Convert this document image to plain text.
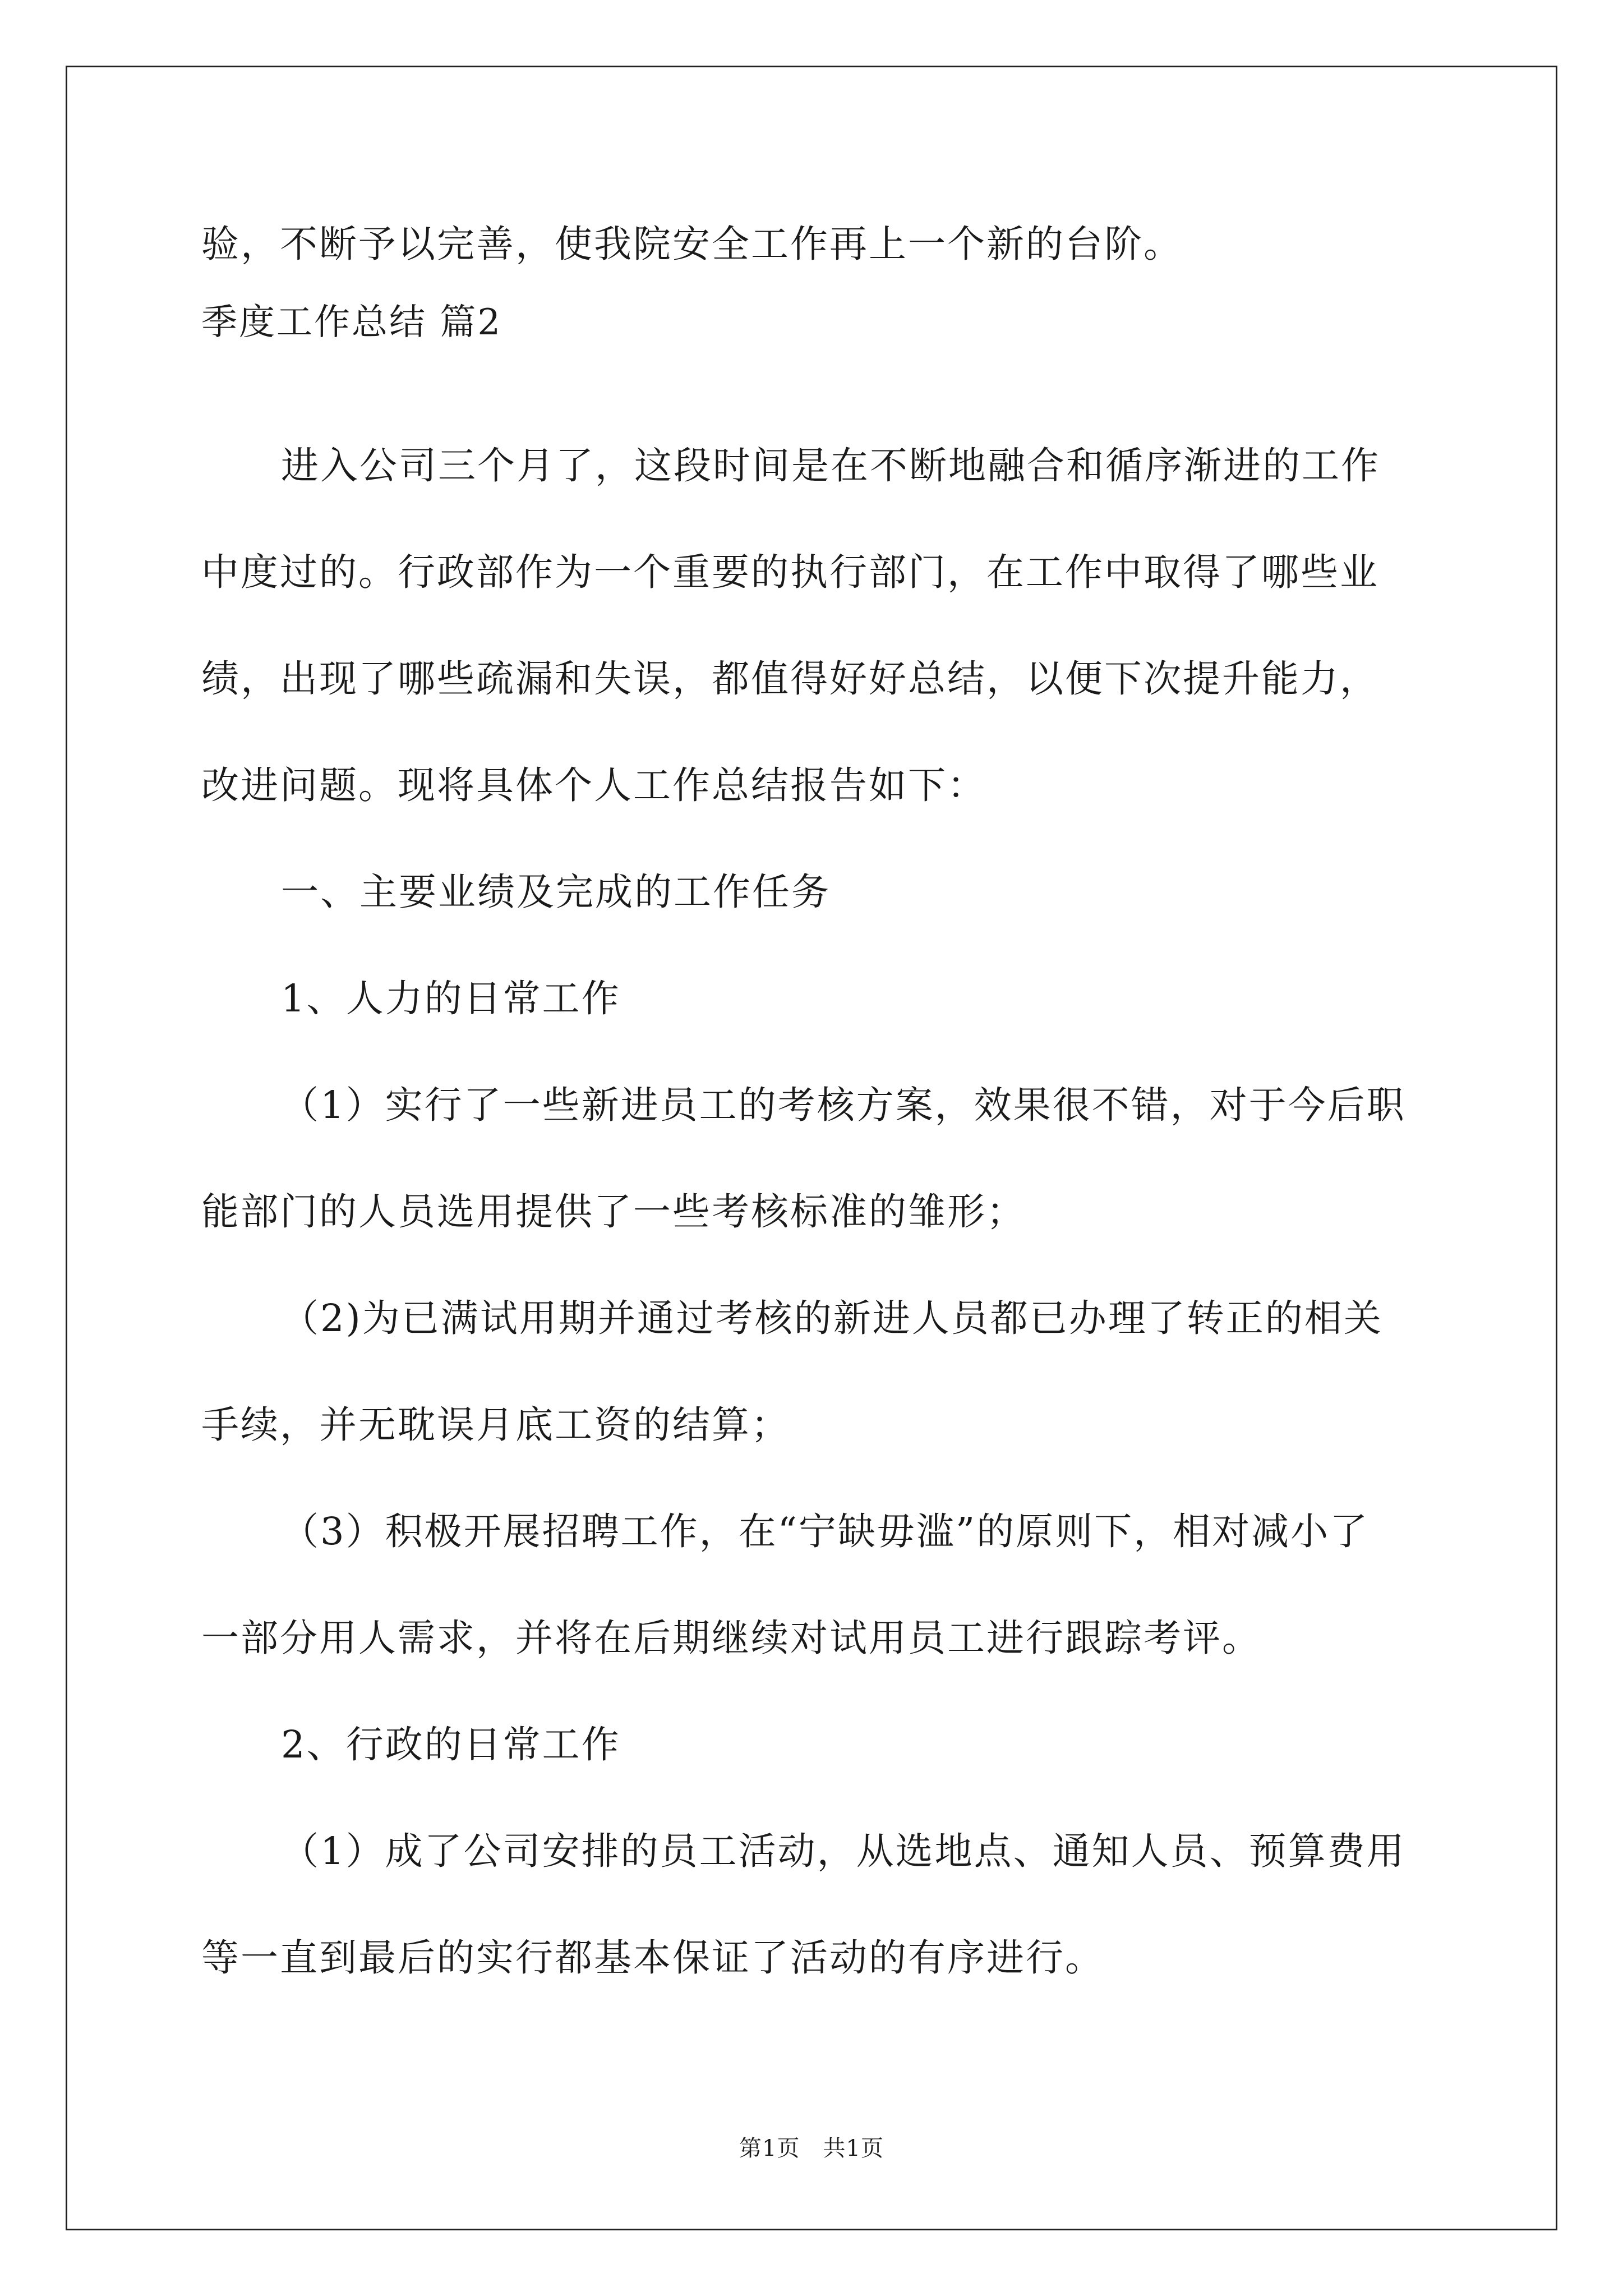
验，不断予以完善，使我院安全工作再上一个新的台阶。
季度工作总结 篇2
进入公司三个月了，这段时间是在不断地融合和循序渐进的工作
中度过的。行政部作为一个重要的执行部门，在工作中取得了哪些业
绩，出现了哪些疏漏和失误，都值得好好总结，以便下次提升能力，
改进问题。现将具体个人工作总结报告如下：
一、主要业绩及完成的工作任务
1、人力的日常工作
（1）实行了一些新进员工的考核方案，效果很不错，对于今后职
能部门的人员选用提供了一些考核标准的雏形；
（2)为已满试用期并通过考核的新进人员都已办理了转正的相关
手续，并无耽误月底工资的结算；
（3）积极开展招聘工作，在“宁缺毋滥”的原则下，相对减小了
一部分用人需求，并将在后期继续对试用员工进行跟踪考评。
2、行政的日常工作
（1）成了公司安排的员工活动，从选地点、通知人员、预算费用
等一直到最后的实行都基本保证了活动的有序进行。
第1页　共1页
